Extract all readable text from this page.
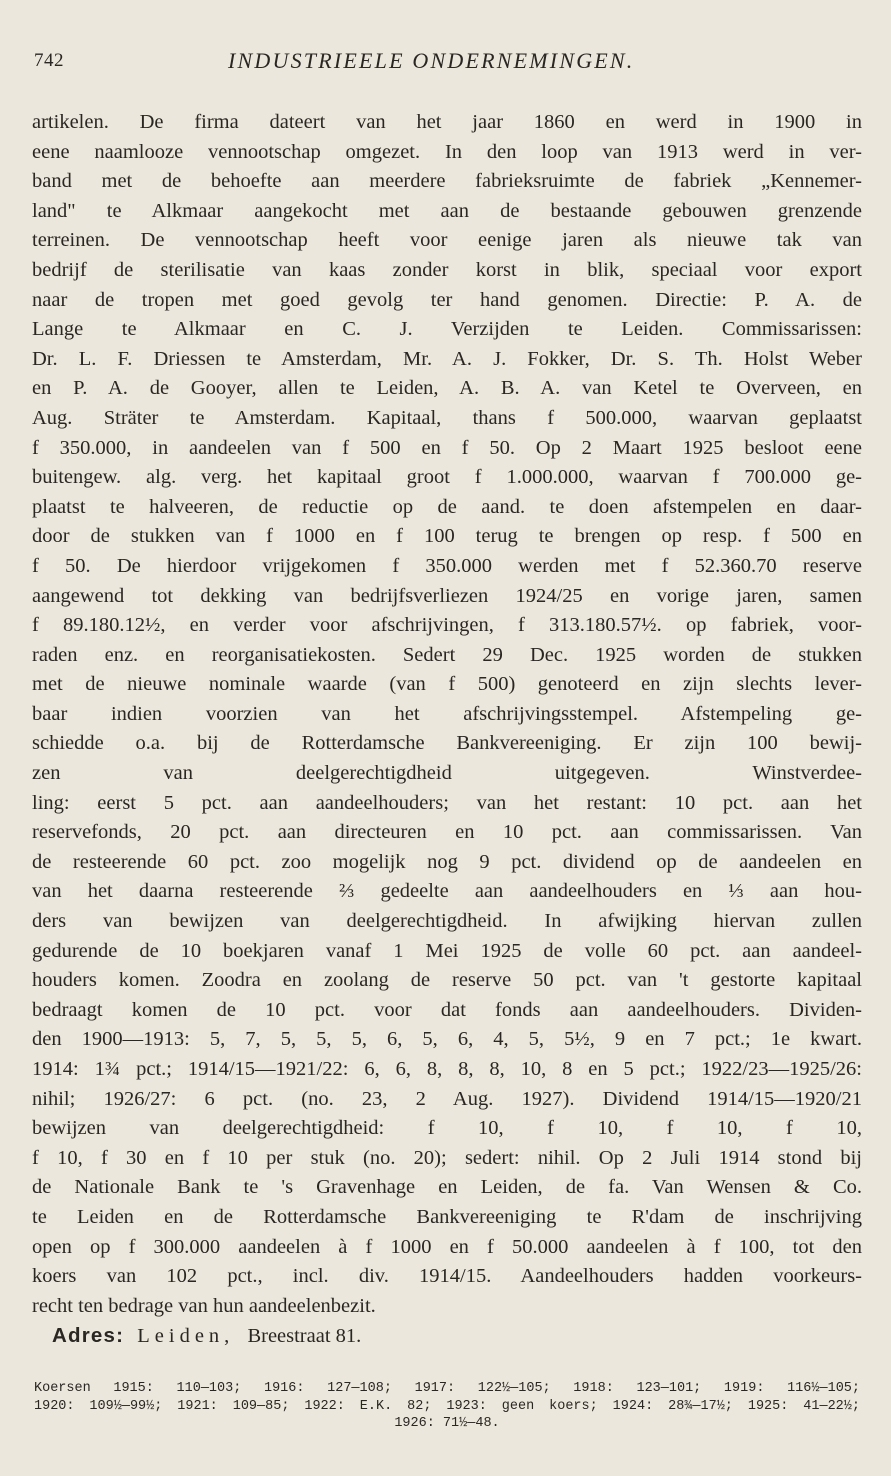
742	INDUSTRIEELE ONDERNEMINGEN.
artikelen. De firma dateert van het jaar 1860 en werd in 1900 in
eene naamlooze vennootschap omgezet. In den loop van 1913 werd in ver-
band met de behoefte aan meerdere fabrieksruimte de fabriek „Kennemer-
land" te Alkmaar aangekocht met aan de bestaande gebouwen grenzende
terreinen. De vennootschap heeft voor eenige jaren als nieuwe tak van
bedrijf de sterilisatie van kaas zonder korst in blik, speciaal voor export
naar de tropen met goed gevolg ter hand genomen. Directie: P. A. de
Lange te Alkmaar en C. J. Verzijden te Leiden. Commissarissen:
Dr. L. F. Driessen te Amsterdam, Mr. A. J. Fokker, Dr. S. Th. Holst Weber
en P. A. de Gooyer, allen te Leiden, A. B. A. van Ketel te Overveen, en
Aug. Sträter te Amsterdam. Kapitaal, thans f 500.000, waarvan geplaatst
f 350.000, in aandeelen van f 500 en f 50. Op 2 Maart 1925 besloot eene
buitengew. alg. verg. het kapitaal groot f 1.000.000, waarvan f 700.000 ge-
plaatst te halveeren, de reductie op de aand. te doen afstempelen en daar-
door de stukken van f 1000 en f 100 terug te brengen op resp. f 500 en
f 50. De hierdoor vrijgekomen f 350.000 werden met f 52.360.70 reserve
aangewend tot dekking van bedrijfsverliezen 1924/25 en vorige jaren, samen
f 89.180.12½, en verder voor afschrijvingen, f 313.180.57½. op fabriek, voor-
raden enz. en reorganisatiekosten. Sedert 29 Dec. 1925 worden de stukken
met de nieuwe nominale waarde (van f 500) genoteerd en zijn slechts lever-
baar indien voorzien van het afschrijvingsstempel. Afstempeling ge-
schiedde o.a. bij de Rotterdamsche Bankvereeniging. Er zijn 100 bewij-
zen van deelgerechtigdheid uitgegeven. Winstverdee-
ling: eerst 5 pct. aan aandeelhouders; van het restant: 10 pct. aan het
reservefonds, 20 pct. aan directeuren en 10 pct. aan commissarissen. Van
de resteerende 60 pct. zoo mogelijk nog 9 pct. dividend op de aandeelen en
van het daarna resteerende ⅔ gedeelte aan aandeelhouders en ⅓ aan hou-
ders van bewijzen van deelgerechtigdheid. In afwijking hiervan zullen
gedurende de 10 boekjaren vanaf 1 Mei 1925 de volle 60 pct. aan aandeel-
houders komen. Zoodra en zoolang de reserve 50 pct. van 't gestorte kapitaal
bedraagt komen de 10 pct. voor dat fonds aan aandeelhouders. Dividen-
den 1900—1913: 5, 7, 5, 5, 5, 6, 5, 6, 4, 5, 5½, 9 en 7 pct.; 1e kwart.
1914: 1¾ pct.; 1914/15—1921/22: 6, 6, 8, 8, 8, 10, 8 en 5 pct.; 1922/23—1925/26:
nihil; 1926/27: 6 pct. (no. 23, 2 Aug. 1927). Dividend 1914/15—1920/21
bewijzen van deelgerechtigdheid: f 10, f 10, f 10, f 10,
f 10, f 30 en f 10 per stuk (no. 20); sedert: nihil. Op 2 Juli 1914 stond bij
de Nationale Bank te 's Gravenhage en Leiden, de fa. Van Wensen & Co.
te Leiden en de Rotterdamsche Bankvereeniging te R'dam de inschrijving
open op f 300.000 aandeelen à f 1000 en f 50.000 aandeelen à f 100, tot den
koers van 102 pct., incl. div. 1914/15. Aandeelhouders hadden voorkeurs-
recht ten bedrage van hun aandeelenbezit.
Adres: Leiden, Breestraat 81.
Koersen 1915: 110—103; 1916: 127—108; 1917: 122½—105; 1918: 123—101; 1919: 116½—105;
1920: 109½—99½; 1921: 109—85; 1922: E.K. 82; 1923: geen koers; 1924: 28¾—17½; 1925: 41—22½;
1926: 71½—48.
